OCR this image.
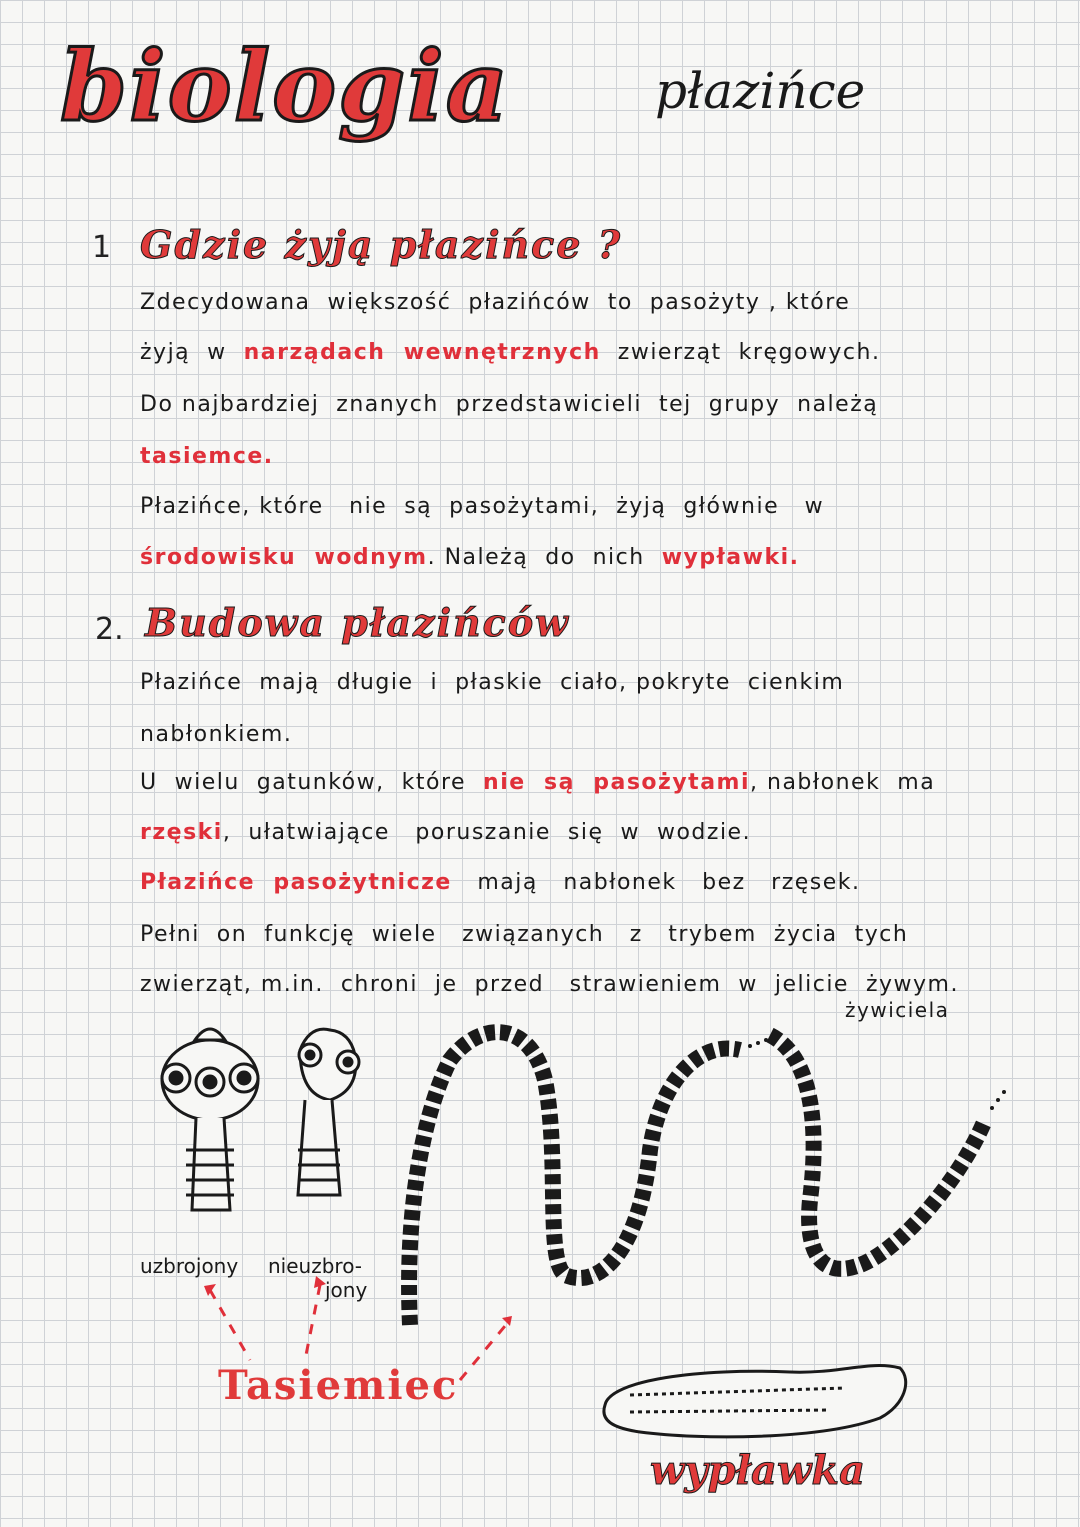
biologia	płazińce
1 Gdzie żyją płazińce ?
Zdecydowana  większość  płazińców  to  pasożyty , które
żyją  w  narządach  wewnętrznych  zwierząt  kręgowych.
Do najbardziej  znanych  przedstawicieli  tej  grupy  należą
tasiemce.
Płazińce, które   nie  są  pasożytami,  żyją  głównie   w
środowisku  wodnym. Należą  do  nich  wypławki.
2. Budowa płazińców
Płazińce  mają  długie  i  płaskie  ciało, pokryte  cienkim
nabłonkiem.
U  wielu  gatunków,  które  nie  są  pasożytami, nabłonek  ma
rzęski,  ułatwiające   poruszanie  się  w  wodzie.
Płazińce  pasożytnicze   mają   nabłonek   bez   rzęsek.
Pełni  on  funkcję  wiele   związanych   z   trybem  życia  tych
zwierząt, m.in.  chroni  je  przed   strawieniem  w  jelicie  żywym.
żywiciela
uzbrojony nieuzbro-
jony
Tasiemiec
wypławka
